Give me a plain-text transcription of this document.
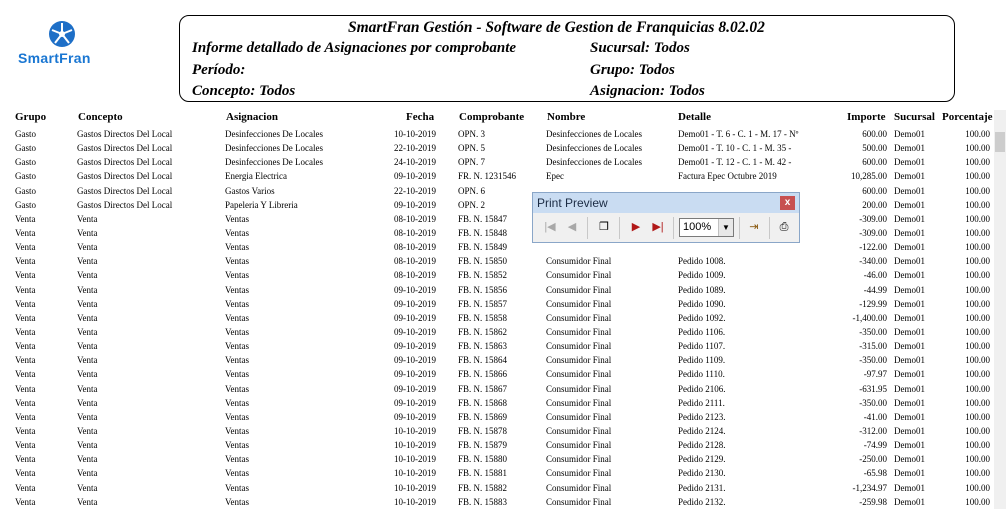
SmartFran
SmartFran Gestión - Software de Gestion de Franquicias 8.02.02
Informe detallado de Asignaciones por comprobante
Período:
Concepto: Todos
Sucursal: Todos
Grupo: Todos
Asignacion: Todos
Grupo	Concepto	Asignacion	Fecha Comprobante Nombre	Detalle	Importe Sucursal Porcentaje
Gasto	Gastos Directos Del Local	Desinfecciones De Locales	10-10-2019 OPN. 3	Desinfecciones de Locales	Demo01 - T. 6 - C. 1 - M. 17 - Nº	600.00 Demo01	100.00
Gasto	Gastos Directos Del Local	Desinfecciones De Locales	22-10-2019 OPN. 5	Desinfecciones de Locales	Demo01 - T. 10 - C. 1 - M. 35 -	500.00 Demo01	100.00
Gasto	Gastos Directos Del Local	Desinfecciones De Locales	24-10-2019 OPN. 7	Desinfecciones de Locales	Demo01 - T. 12 - C. 1 - M. 42 -	600.00 Demo01	100.00
Gasto	Gastos Directos Del Local	Energia Electrica	09-10-2019 FR. N. 1231546	Epec	Factura Epec Octubre 2019	10,285.00 Demo01	100.00
Gasto	Gastos Directos Del Local	Gastos Varios	22-10-2019 OPN. 6	600.00 Demo01	100.00
Gasto	Gastos Directos Del Local	Papeleria Y Libreria	09-10-2019 OPN. 2	200.00 Demo01	100.00
Venta	Venta	Ventas	08-10-2019 FB. N. 15847	-309.00 Demo01	100.00
Venta	Venta	Ventas	08-10-2019 FB. N. 15848	-309.00 Demo01	100.00
Venta	Venta	Ventas	08-10-2019 FB. N. 15849	-122.00 Demo01	100.00
Venta	Venta	Ventas	08-10-2019 FB. N. 15850	Consumidor Final	Pedido 1008.	-340.00 Demo01	100.00
Venta	Venta	Ventas	08-10-2019 FB. N. 15852	Consumidor Final	Pedido 1009.	-46.00 Demo01	100.00
Venta	Venta	Ventas	09-10-2019 FB. N. 15856	Consumidor Final	Pedido 1089.	-44.99 Demo01	100.00
Venta	Venta	Ventas	09-10-2019 FB. N. 15857	Consumidor Final	Pedido 1090.	-129.99 Demo01	100.00
Venta	Venta	Ventas	09-10-2019 FB. N. 15858	Consumidor Final	Pedido 1092.	-1,400.00 Demo01	100.00
Venta	Venta	Ventas	09-10-2019 FB. N. 15862	Consumidor Final	Pedido 1106.	-350.00 Demo01	100.00
Venta	Venta	Ventas	09-10-2019 FB. N. 15863	Consumidor Final	Pedido 1107.	-315.00 Demo01	100.00
Venta	Venta	Ventas	09-10-2019 FB. N. 15864	Consumidor Final	Pedido 1109.	-350.00 Demo01	100.00
Venta	Venta	Ventas	09-10-2019 FB. N. 15866	Consumidor Final	Pedido 1110.	-97.97 Demo01	100.00
Venta	Venta	Ventas	09-10-2019 FB. N. 15867	Consumidor Final	Pedido 2106.	-631.95 Demo01	100.00
Venta	Venta	Ventas	09-10-2019 FB. N. 15868	Consumidor Final	Pedido 2111.	-350.00 Demo01	100.00
Venta	Venta	Ventas	09-10-2019 FB. N. 15869	Consumidor Final	Pedido 2123.	-41.00 Demo01	100.00
Venta	Venta	Ventas	10-10-2019 FB. N. 15878	Consumidor Final	Pedido 2124.	-312.00 Demo01	100.00
Venta	Venta	Ventas	10-10-2019 FB. N. 15879	Consumidor Final	Pedido 2128.	-74.99 Demo01	100.00
Venta	Venta	Ventas	10-10-2019 FB. N. 15880	Consumidor Final	Pedido 2129.	-250.00 Demo01	100.00
Venta	Venta	Ventas	10-10-2019 FB. N. 15881	Consumidor Final	Pedido 2130.	-65.98 Demo01	100.00
Venta	Venta	Ventas	10-10-2019 FB. N. 15882	Consumidor Final	Pedido 2131.	-1,234.97 Demo01	100.00
Venta	Venta	Ventas	10-10-2019 FB. N. 15883	Consumidor Final	Pedido 2132.	-259.98 Demo01	100.00
Print Preview	x
|◀	◀	❐	▶	▶|	100%	▼	⇥	⎙
